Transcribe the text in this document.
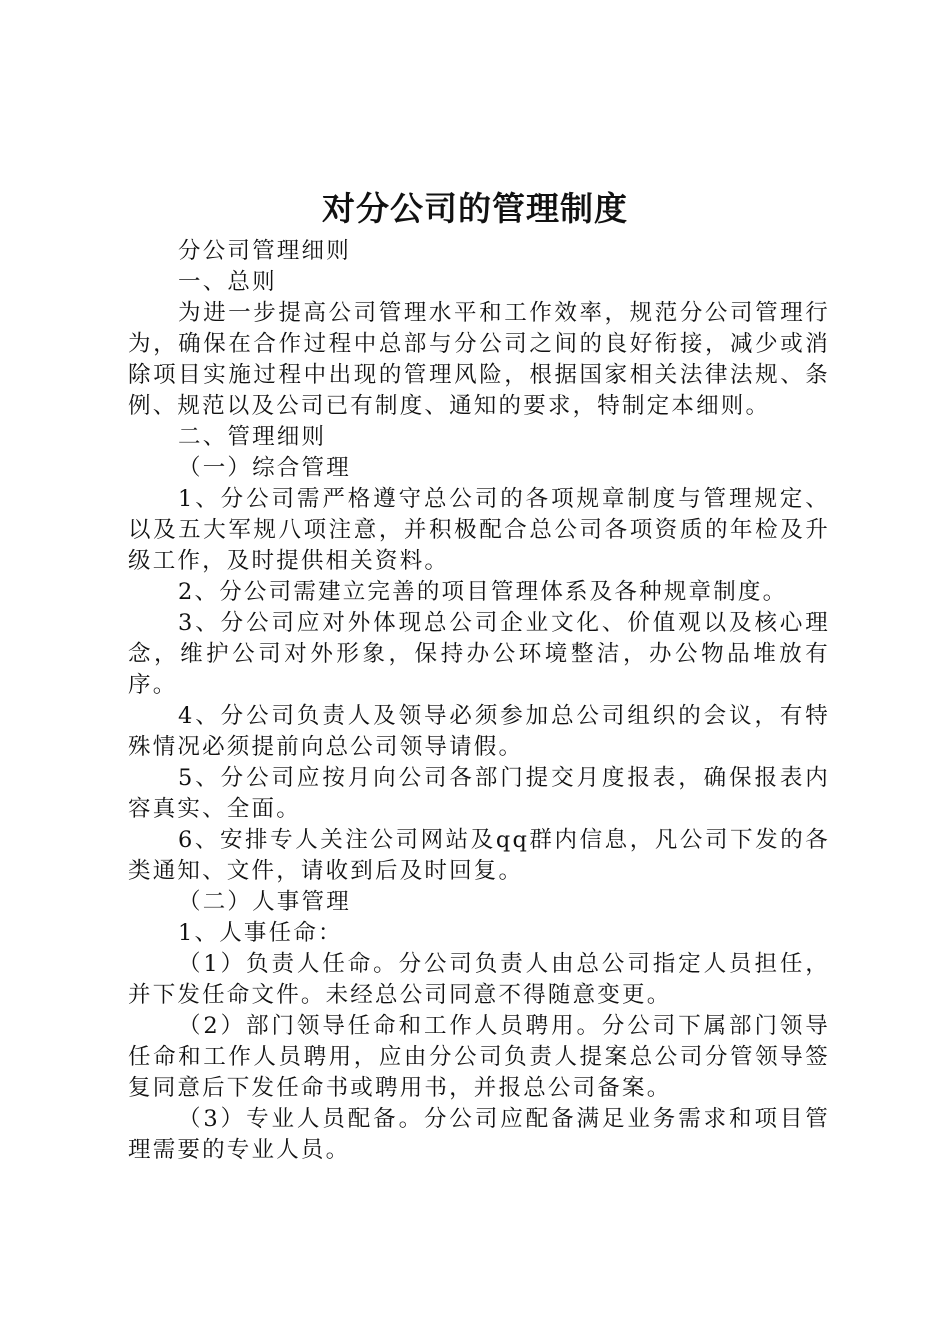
对分公司的管理制度

分公司管理细则

一、总则

为进一步提高公司管理水平和工作效率，规范分公司管理行为，确保在合作过程中总部与分公司之间的良好衔接，减少或消除项目实施过程中出现的管理风险，根据国家相关法律法规、条例、规范以及公司已有制度、通知的要求，特制定本细则。

二、管理细则

（一）综合管理

1、分公司需严格遵守总公司的各项规章制度与管理规定、以及五大军规八项注意，并积极配合总公司各项资质的年检及升级工作，及时提供相关资料。

2、分公司需建立完善的项目管理体系及各种规章制度。

3、分公司应对外体现总公司企业文化、价值观以及核心理念，维护公司对外形象，保持办公环境整洁，办公物品堆放有序。

4、分公司负责人及领导必须参加总公司组织的会议，有特殊情况必须提前向总公司领导请假。

5、分公司应按月向公司各部门提交月度报表，确保报表内容真实、全面。

6、安排专人关注公司网站及qq群内信息，凡公司下发的各类通知、文件，请收到后及时回复。

（二）人事管理

1、人事任命：

（1）负责人任命。分公司负责人由总公司指定人员担任，并下发任命文件。未经总公司同意不得随意变更。

（2）部门领导任命和工作人员聘用。分公司下属部门领导任命和工作人员聘用，应由分公司负责人提案总公司分管领导签复同意后下发任命书或聘用书，并报总公司备案。

（3）专业人员配备。分公司应配备满足业务需求和项目管理需要的专业人员。
